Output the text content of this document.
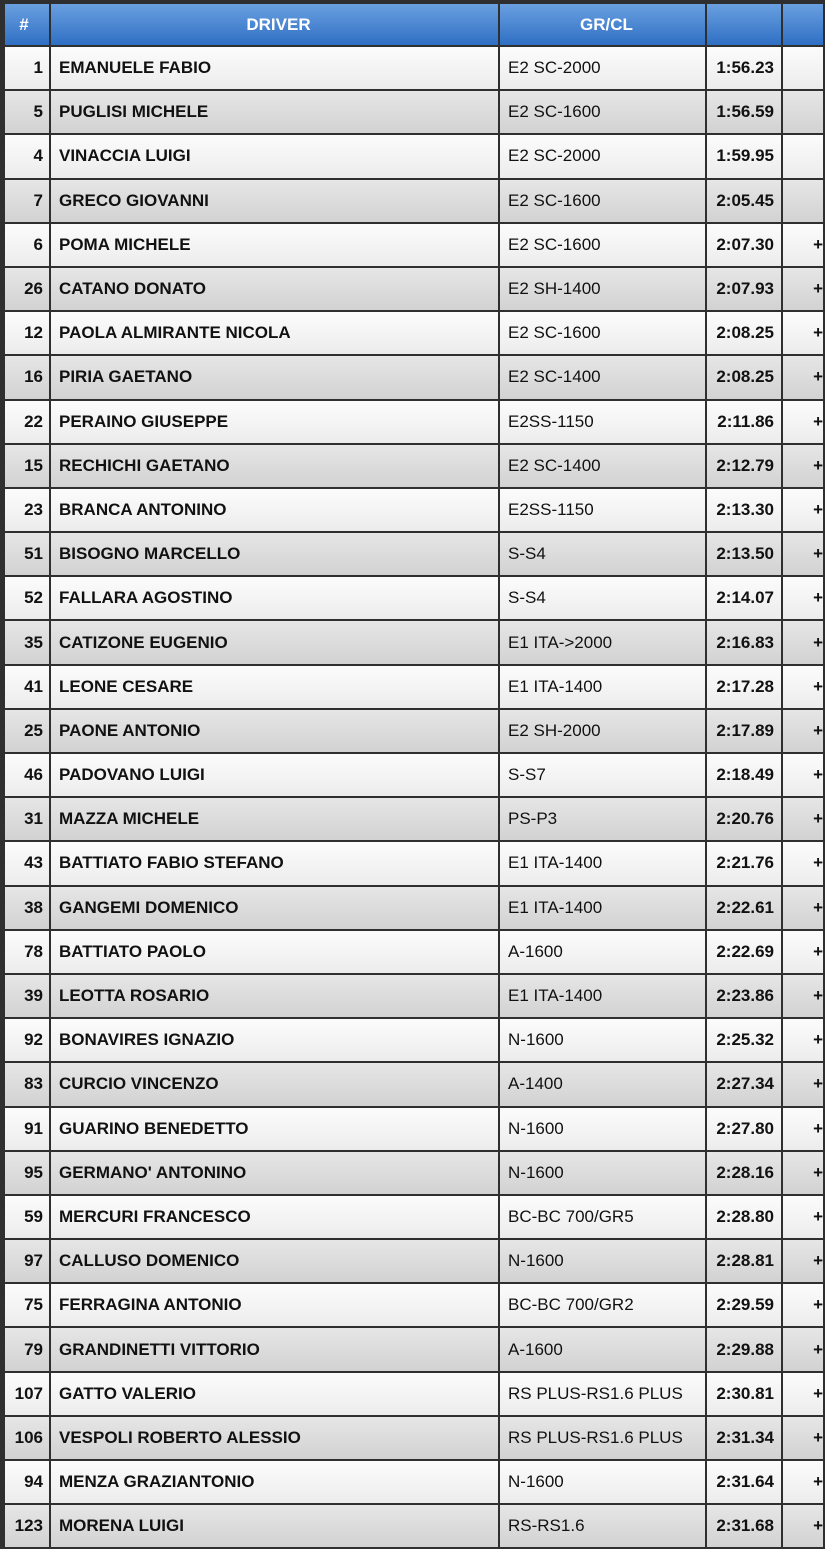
#	DRIVER	GR/CL		
1	EMANUELE FABIO	E2 SC-2000	1:56.23	
5	PUGLISI MICHELE	E2 SC-1600	1:56.59	
4	VINACCIA LUIGI	E2 SC-2000	1:59.95	
7	GRECO GIOVANNI	E2 SC-1600	2:05.45	
6	POMA MICHELE	E2 SC-1600	2:07.30	+
26	CATANO DONATO	E2 SH-1400	2:07.93	+
12	PAOLA ALMIRANTE NICOLA	E2 SC-1600	2:08.25	+
16	PIRIA GAETANO	E2 SC-1400	2:08.25	+
22	PERAINO GIUSEPPE	E2SS-1150	2:11.86	+
15	RECHICHI GAETANO	E2 SC-1400	2:12.79	+
23	BRANCA ANTONINO	E2SS-1150	2:13.30	+
51	BISOGNO MARCELLO	S-S4	2:13.50	+
52	FALLARA AGOSTINO	S-S4	2:14.07	+
35	CATIZONE EUGENIO	E1 ITA->2000	2:16.83	+
41	LEONE CESARE	E1 ITA-1400	2:17.28	+
25	PAONE ANTONIO	E2 SH-2000	2:17.89	+
46	PADOVANO LUIGI	S-S7	2:18.49	+
31	MAZZA MICHELE	PS-P3	2:20.76	+
43	BATTIATO FABIO STEFANO	E1 ITA-1400	2:21.76	+
38	GANGEMI DOMENICO	E1 ITA-1400	2:22.61	+
78	BATTIATO PAOLO	A-1600	2:22.69	+
39	LEOTTA ROSARIO	E1 ITA-1400	2:23.86	+
92	BONAVIRES IGNAZIO	N-1600	2:25.32	+
83	CURCIO VINCENZO	A-1400	2:27.34	+
91	GUARINO BENEDETTO	N-1600	2:27.80	+
95	GERMANO' ANTONINO	N-1600	2:28.16	+
59	MERCURI FRANCESCO	BC-BC 700/GR5	2:28.80	+
97	CALLUSO DOMENICO	N-1600	2:28.81	+
75	FERRAGINA ANTONIO	BC-BC 700/GR2	2:29.59	+
79	GRANDINETTI VITTORIO	A-1600	2:29.88	+
107	GATTO VALERIO	RS PLUS-RS1.6 PLUS	2:30.81	+
106	VESPOLI ROBERTO ALESSIO	RS PLUS-RS1.6 PLUS	2:31.34	+
94	MENZA GRAZIANTONIO	N-1600	2:31.64	+
123	MORENA LUIGI	RS-RS1.6	2:31.68	+
